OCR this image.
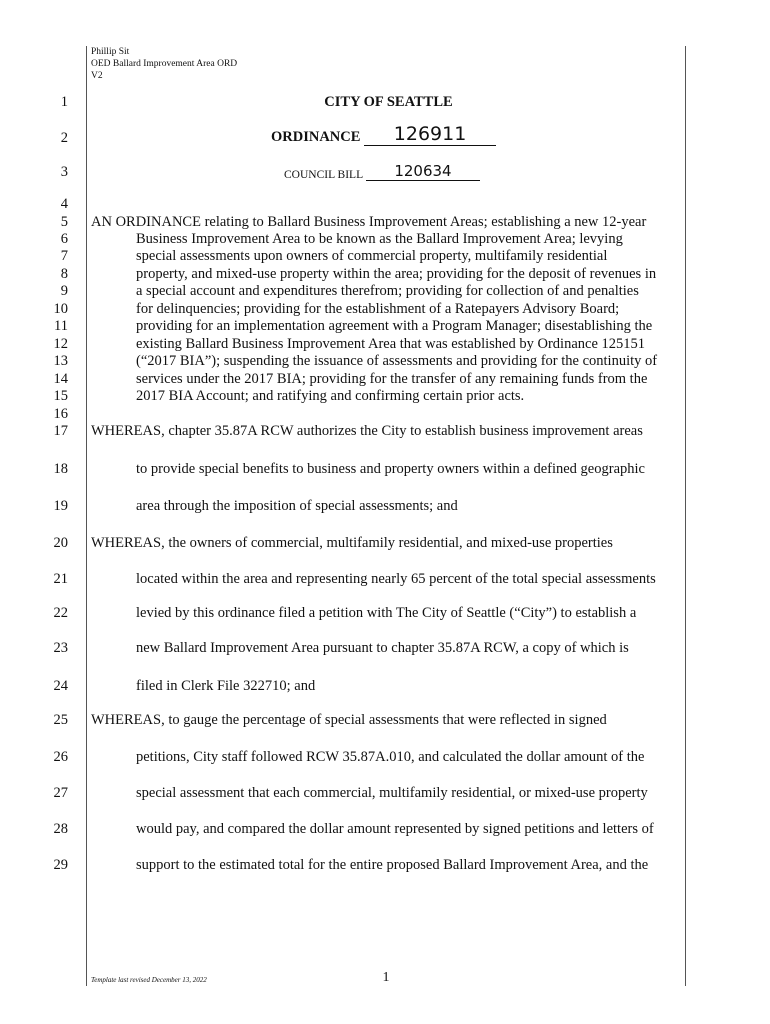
Phillip Sit
OED Ballard Improvement Area ORD
V2
CITY OF SEATTLE
ORDINANCE	126911
COUNCIL BILL	120634
1
2
3
4
5
6
7
8
9
10
11
12
13
14
15
16
17
18
19
20
21
22
23
24
25
26
27
28
29
AN ORDINANCE relating to Ballard Business Improvement Areas; establishing a new 12-year
Business Improvement Area to be known as the Ballard Improvement Area; levying
special assessments upon owners of commercial property, multifamily residential
property, and mixed-use property within the area; providing for the deposit of revenues in
a special account and expenditures therefrom; providing for collection of and penalties
for delinquencies; providing for the establishment of a Ratepayers Advisory Board;
providing for an implementation agreement with a Program Manager; disestablishing the
existing Ballard Business Improvement Area that was established by Ordinance 125151
(“2017 BIA”); suspending the issuance of assessments and providing for the continuity of
services under the 2017 BIA; providing for the transfer of any remaining funds from the
2017 BIA Account; and ratifying and confirming certain prior acts.
WHEREAS, chapter 35.87A RCW authorizes the City to establish business improvement areas
to provide special benefits to business and property owners within a defined geographic
area through the imposition of special assessments; and
WHEREAS, the owners of commercial, multifamily residential, and mixed-use properties
located within the area and representing nearly 65 percent of the total special assessments
levied by this ordinance filed a petition with The City of Seattle (“City”) to establish a
new Ballard Improvement Area pursuant to chapter 35.87A RCW, a copy of which is
filed in Clerk File 322710; and
WHEREAS, to gauge the percentage of special assessments that were reflected in signed
petitions, City staff followed RCW 35.87A.010, and calculated the dollar amount of the
special assessment that each commercial, multifamily residential, or mixed-use property
would pay, and compared the dollar amount represented by signed petitions and letters of
support to the estimated total for the entire proposed Ballard Improvement Area, and the
Template last revised December 13, 2022	1
